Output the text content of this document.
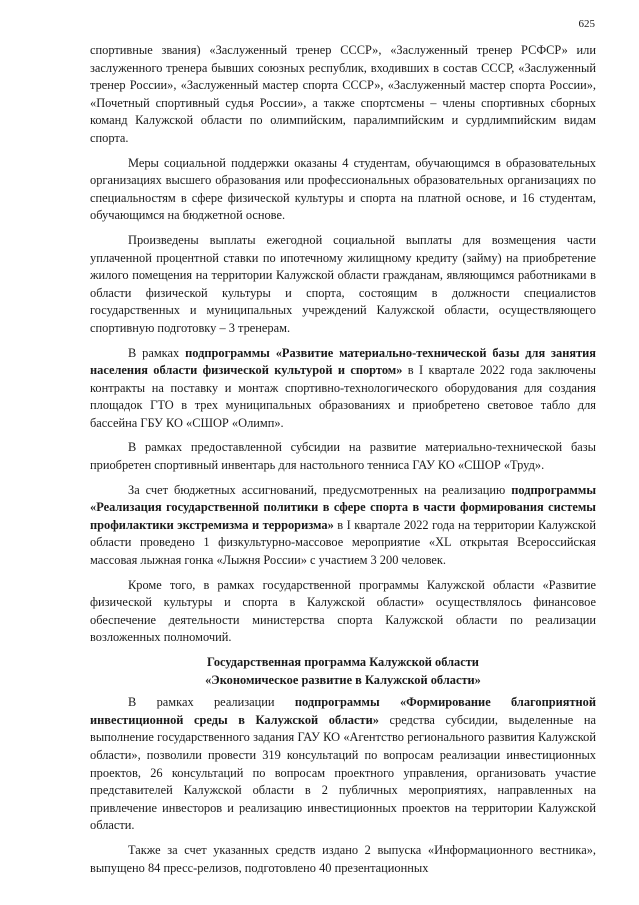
625

спортивные звания) «Заслуженный тренер СССР», «Заслуженный тренер РСФСР» или заслуженного тренера бывших союзных республик, входивших в состав СССР, «Заслуженный тренер России», «Заслуженный мастер спорта СССР», «Заслуженный мастер спорта России», «Почетный спортивный судья России», а также спортсмены – члены спортивных сборных команд Калужской области по олимпийским, паралимпийским и сурдлимпийским видам спорта.

Меры социальной поддержки оказаны 4 студентам, обучающимся в образовательных организациях высшего образования или профессиональных образовательных организациях по специальностям в сфере физической культуры и спорта на платной основе, и 16 студентам, обучающимся на бюджетной основе.

Произведены выплаты ежегодной социальной выплаты для возмещения части уплаченной процентной ставки по ипотечному жилищному кредиту (займу) на приобретение жилого помещения на территории Калужской области гражданам, являющимся работниками в области физической культуры и спорта, состоящим в должности специалистов государственных и муниципальных учреждений Калужской области, осуществляющего спортивную подготовку – 3 тренерам.

В рамках подпрограммы «Развитие материально-технической базы для занятия населения области физической культурой и спортом» в I квартале 2022 года заключены контракты на поставку и монтаж спортивно-технологического оборудования для создания площадок ГТО в трех муниципальных образованиях и приобретено световое табло для бассейна ГБУ КО «СШОР «Олимп».

В рамках предоставленной субсидии на развитие материально-технической базы приобретен спортивный инвентарь для настольного тенниса ГАУ КО «СШОР «Труд».

За счет бюджетных ассигнований, предусмотренных на реализацию подпрограммы «Реализация государственной политики в сфере спорта в части формирования системы профилактики экстремизма и терроризма» в I квартале 2022 года на территории Калужской области проведено 1 физкультурно-массовое мероприятие «XL открытая Всероссийская массовая лыжная гонка «Лыжня России» с участием 3 200 человек.

Кроме того, в рамках государственной программы Калужской области «Развитие физической культуры и спорта в Калужской области» осуществлялось финансовое обеспечение деятельности министерства спорта Калужской области по реализации возложенных полномочий.

Государственная программа Калужской области
«Экономическое развитие в Калужской области»

В рамках реализации подпрограммы «Формирование благоприятной инвестиционной среды в Калужской области» средства субсидии, выделенные на выполнение государственного задания ГАУ КО «Агентство регионального развития Калужской области», позволили провести 319 консультаций по вопросам реализации инвестиционных проектов, 26 консультаций по вопросам проектного управления, организовать участие представителей Калужской области в 2 публичных мероприятиях, направленных на привлечение инвесторов и реализацию инвестиционных проектов на территории Калужской области.

Также за счет указанных средств издано 2 выпуска «Информационного вестника», выпущено 84 пресс-релизов, подготовлено 40 презентационных
